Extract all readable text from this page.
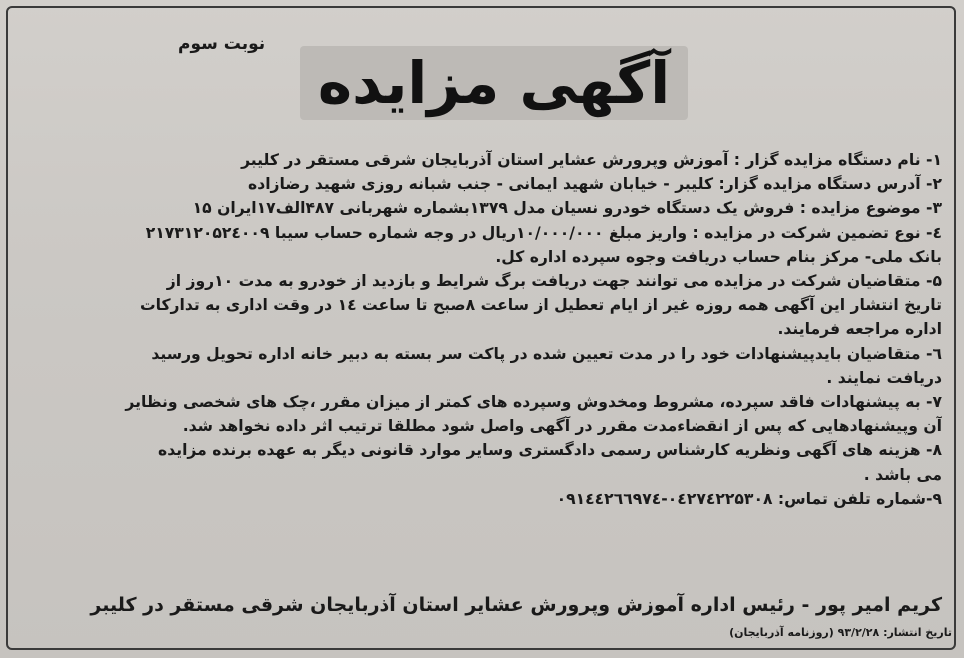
نوبت سوم
آگهی مزایده

۱- نام دستگاه مزایده گزار : آموزش وپرورش عشایر استان آذربایجان شرقی مستقر در کلیبر

۲- آدرس دستگاه مزایده گزار: کلیبر - خیابان شهید ایمانی - جنب شبانه روزی شهید رضازاده

۳- موضوع مزایده : فروش یک دستگاه خودرو نسیان مدل ۱۳۷۹بشماره شهربانی ۴۸۷الف۱۷ایران ۱۵

٤- نوع تضمین شرکت در مزایده : واریز مبلغ ۱۰/۰۰۰/۰۰۰ریال در وجه شماره حساب سیبا ۲۱۷۳۱۲۰۵۲٤۰۰۹
بانک ملی- مرکز بنام حساب دریافت وجوه سپرده اداره کل.

۵- متقاضیان شرکت در مزایده می توانند جهت دریافت برگ شرایط و بازدید از خودرو به مدت ۱۰روز از
تاریخ انتشار این آگهی همه روزه غیر از ایام تعطیل از ساعت ۸صبح تا ساعت ۱٤ در وقت اداری به تدارکات
اداره مراجعه فرمایند.

٦- متقاضیان بایدپیشنهادات خود را در مدت تعیین شده در پاکت سر بسته به دبیر خانه اداره تحویل ورسید
دریافت نمایند .

۷- به پیشنهادات فاقد سپرده، مشروط ومخدوش وسپرده های کمتر از میزان مقرر ،چک های شخصی ونظایر
آن وپیشنهادهایی که پس از انقضاءمدت مقرر در آگهی واصل شود مطلقا ترتیب اثر داده نخواهد شد.

۸- هزینه های آگهی ونظریه کارشناس رسمی دادگستری وسایر موارد قانونی دیگر به عهده برنده مزایده
می باشد .

۹-شماره تلفن تماس: ۰٤۲۷٤۲۲۵۳۰۸-۰۹۱٤٤۲٦٦۹۷٤

کریم امیر پور - رئیس اداره آموزش وپرورش عشایر استان آذربایجان شرقی مستقر در کلیبر
تاریخ انتشار: ۹۳/۲/۲۸ (روزنامه آذربایجان)
